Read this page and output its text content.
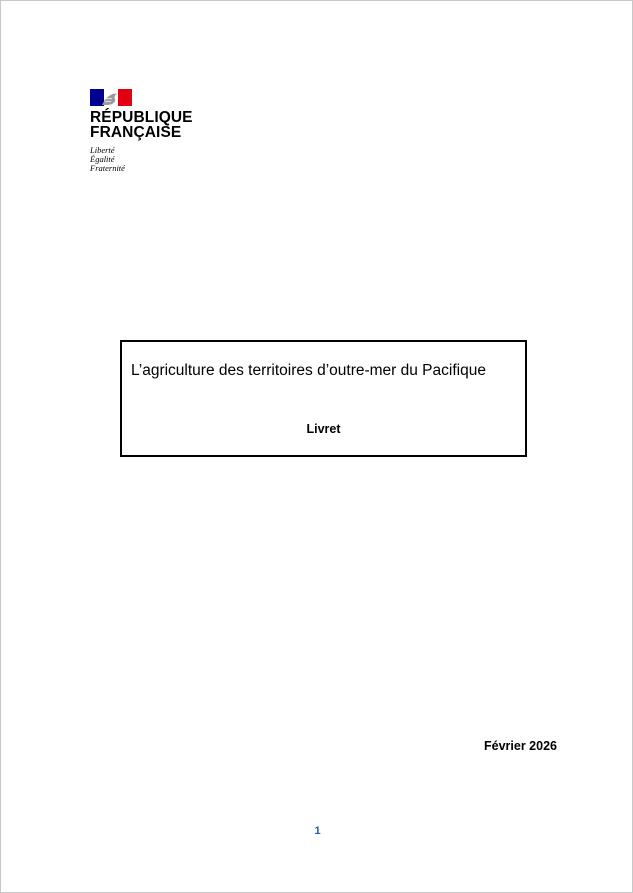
RÉPUBLIQUE
FRANÇAISE
Liberté
Égalité
Fraternité
L’agriculture des territoires d’outre-mer du Pacifique
Livret
Février 2026
1
